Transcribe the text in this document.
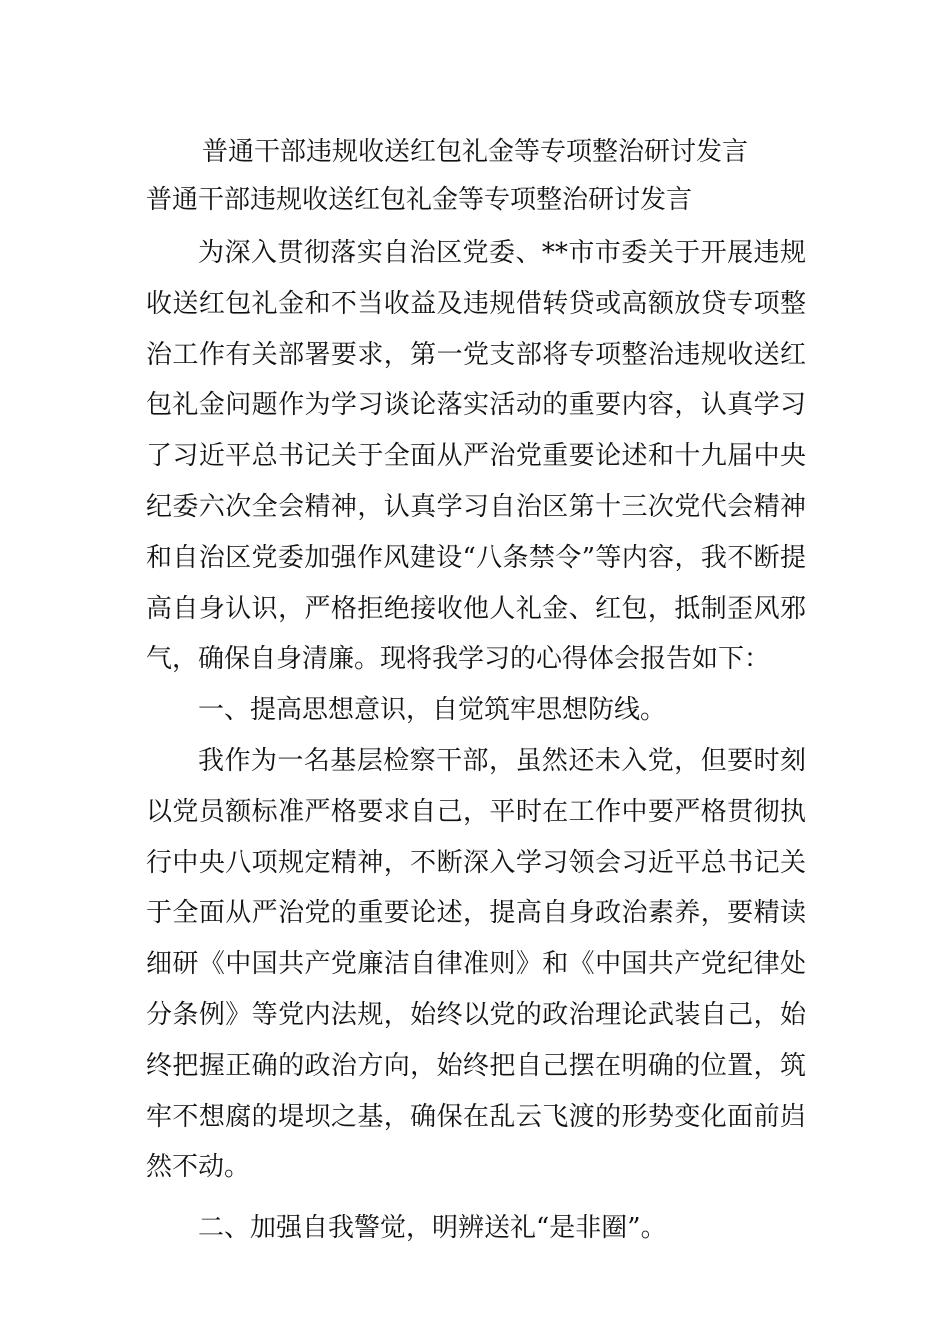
普通干部违规收送红包礼金等专项整治研讨发言
普通干部违规收送红包礼金等专项整治研讨发言

为深入贯彻落实自治区党委、**市市委关于开展违规收送红包礼金和不当收益及违规借转贷或高额放贷专项整治工作有关部署要求，第一党支部将专项整治违规收送红包礼金问题作为学习谈论落实活动的重要内容，认真学习了习近平总书记关于全面从严治党重要论述和十九届中央纪委六次全会精神，认真学习自治区第十三次党代会精神和自治区党委加强作风建设“八条禁令”等内容，我不断提高自身认识，严格拒绝接收他人礼金、红包，抵制歪风邪气，确保自身清廉。现将我学习的心得体会报告如下：

一、提高思想意识，自觉筑牢思想防线。

我作为一名基层检察干部，虽然还未入党，但要时刻以党员额标准严格要求自己，平时在工作中要严格贯彻执行中央八项规定精神，不断深入学习领会习近平总书记关于全面从严治党的重要论述，提高自身政治素养，要精读细研《中国共产党廉洁自律准则》和《中国共产党纪律处分条例》等党内法规，始终以党的政治理论武装自己，始终把握正确的政治方向，始终把自己摆在明确的位置，筑牢不想腐的堤坝之基，确保在乱云飞渡的形势变化面前岿然不动。

二、加强自我警觉，明辨送礼“是非圈”。
